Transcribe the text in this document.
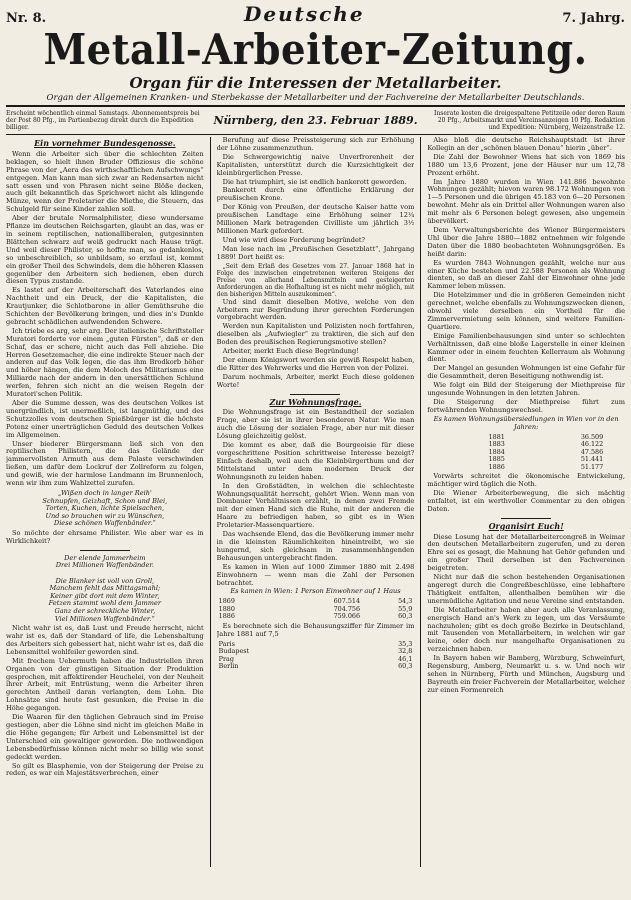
Nr. 8.	Deutsche	7. Jahrg.
Metall-Arbeiter-Zeitung.
Organ für die Interessen der Metallarbeiter.
Organ der Allgemeinen Kranken- und Sterbekasse der Metallarbeiter und der Fachvereine der Metallarbeiter Deutschlands.
Erscheint wöchentlich einmal Samstags. Abonnementspreis bei der Post 80 Pfg., im Partienbezug direkt durch die Expedition billiger.
Nürnberg, den 23. Februar 1889.
Inserate kosten die dreigespaltene Petitzeile oder deren Raum 20 Pfg., Arbeitsmarkt und Vereinsanzeigen 10 Pfg. Redaktion und Expedition: Nürnberg, Weizenstraße 12.
Ein vornehmer Bundesgenosse.

Wenn die Arbeiter sich über die schlechten Zeiten beklagen, so hielt ihnen Bruder Offiziosus die schöne Phrase von der „Aera des wirthschaftlichen Aufschwungs“ entgegen. Man kann man sich zwar an Redensarten nicht satt essen und von Phrasen nicht seine Blöße decken, auch gilt bekanntlich das Sprichwort nicht als klingende Münze, wenn der Proletarier die Miethe, die Steuern, das Schulgeld für seine Kinder zahlen soll.

Aber der brutale Normalphilister, diese wundersame Pflanze im deutschen Reichsgarten, glaubt an das, was er in seinem reptilischen, nationalliberalen, gutgesinnten Blättchen schwarz auf weiß gedruckt nach Hause trägt. Und weil dieser Philister, so hoffte man, so gedankenlos, so unbeschreiblich, so unbildsam, so erzfaul ist, kommt ein großer Theil des Schwindels, dem die höheren Klassen gegenüber den Arbeitern sich bedienen, eben durch diesen Typus zustande.

Es lastet auf der Arbeiterschaft des Vaterlandes eine Nachtheit und ein Druck, der die Kapitalisten, die Krautjunker, die Schlotbarone in aller Gemüthsruhe die Schichten der Bevölkerung bringen, und dies in's Dunkle gebracht schädlichen aufwendenden Schwere.

Ich triebe es arg, sehr arg. Der italienische Schriftsteller Muratori forderte vor einem „guten Fürsten“, daß er den Schaf, das er schere, nicht auch das Fell abziehe. Die Herren Gesetzemacher, die eine indirekte Steuer nach der anderen auf das Volk legen, die das ihm Brodkorb höher und höher hängen, die dem Moloch des Militarismus eine Milliarde nach der andern in den unersättlichen Schlund werfen, fehren sich nicht an die weisen Regeln der Muratori'schen Politik.

Aber die Summe dessen, was des deutschen Volkes ist unergründlich, ist unermeßlich, ist langmüthig, und des Schutzzolles vom deutschen Spießbürger ist die höchste Potenz einer unerträglichen Geduld des deutschen Volkes im Allgemeinen.

Unser biederer Bürgersmann ließ sich von den reptilischen Philistern, die das Gelände der jammervollsten Armuth aus dem Palaste verschwinden ließen, um dafür dem Lockruf der Zollreform zu folgen, und gewiß, wie der harmlose Landmann im Brunnenloch, wenn wir ihm zum Wahlzettel zurufen.

„Wißen doch in langer Reih'
Schnupfen, Geizhaft, Schon und Blei,
Torten, Kuchen, lichte Spielsachen,
Und so brauchen wir zu Wünschen,
Diese schönen Waffenbänder.“

So möchte der ehrsame Philister. Wie aber war es in Wirklichkeit?

Der elende Jammerheim
Drei Millionen Waffenbänder.

Die Blanker ist voll von Groll,
Manchem fehlt das Mittagsmahl;
Keiner gibt dort mit dem Winter,
Fetzen stammt wohl dem Jammer
Ganz der schreckliche Winter,
Viel Millionen Waffenbänder.“

Nicht wahr ist es, daß Lust und Freude herrscht, nicht wahr ist es, daß der Standard of life, die Lebenshaltung des Arbeiters sich gebessert hat, nicht wahr ist es, daß die Lebensmittel wohlfeiler geworden sind.

Mit frechem Uebermuth haben die Industriellen ihren Organen von der günstigen Situation der Produktion gesprochen, mit affektirender Heuchelei, von der Neuheit ihrer Arbeit, mit Entrüstung, wenn die Arbeiter ihren gerechten Antheil daran verlangten, dem Lohn. Die Lohnsätze sind heute fast gesunken, die Preise in die Höhe gegangen.

Die Waaren für den täglichen Gebrauch sind im Preise gestiegen, aber die Löhne sind nicht im gleichen Maße in die Höhe gegangen; für Arbeit und Lebensmittel ist der Unterschied ein gewaltiger geworden. Die nothwendigen Lebensbedürfnisse können nicht mehr so billig wie sonst gedeckt werden.

So gilt es Blasphemie, von der Steigerung der Preise zu reden, es war ein Majestätsverbrechen, einer

Berufung auf diese Preissteigerung sich zur Erhöhung der Löhne zusammenzuthun.

Die Schwergewichtig naive Unverfrorenheit der Kapitalisten, unterstützt durch die Kurzsichtigkeit der kleinbürgerlichen Presse.

Die hat triumphirt, sie ist endlich bankerott geworden.

Bankerott durch eine öffentliche Erklärung der preußischen Krone.

Der König von Preußen, der deutsche Kaiser hatte vom preußischen Landtage eine Erhöhung seiner 12¼ Millionen Mark betragenden Civilliste um jährlich 3½ Millionen Mark gefordert.

Und wie wird diese Forderung begründet?

Man lese nach im „Preußischen Gesetzblatt“, Jahrgang 1889! Dort heißt es:

„Seit dem Erlaß des Gesetzes vom 27. Januar 1868 hat in Folge des inzwischen eingetretenen weiteren Steigens der Preise von allerhand Lebensmitteln und gesteigerten Anforderungen an die Hofhaltung ist es nicht mehr möglich, mit den bisherigen Mitteln auszukommen“.

Und sind damit dieselben Motive, welche von den Arbeitern zur Begründung ihrer gerechten Forderungen vorgebracht werden.

Werden nun Kapitalisten und Polizisten noch fortfahren, dieselben als „Aufwiegler“ zu traktiren, die sich auf den Boden des preußischen Regierungsmotive stellen?

Arbeiter, merkt Euch diese Begründung!

Der einem Königswort werden sie gewiß Respekt haben, die Ritter des Wehrwerks und die Herren von der Polizei.

Darum nochmals, Arbeiter, merkt Euch diese goldenen Worte!

Zur Wohnungsfrage.

Die Wohnungsfrage ist ein Bestandtheil der sozialen Frage, aber sie ist in ihrer besonderen Natur. Wie man auch die Lösung der sozialen Frage, aber nur mit dieser Lösung gleichzeitig gelöst.

Die kommt es aber, daß die Bourgeoisie für diese vorgeschrittene Position schrittweise Interesse bezeigt? Einfach deshalb, weil auch die Kleinbürgerthum und der Mittelstand unter dem modernen Druck der Wohnungsnoth zu leiden haben.

In den Großstädten, in welchen die schlechteste Wohnungsqualität herrscht, gehört Wien. Wenn man von Dombauer Verhältnissen erzählt, in denen zwei Fremde mit der einen Hand sich die Ruhe, mit der anderen die Haare zu befriedigen haben, so gibt es in Wien Proletarier-Massenquartiere.

Das wachsende Elend, das die Bevölkerung immer mehr in die kleinsten Räumlichkeiten hineintreibt, wo sie hungernd, sich gleichsam in zusammenhängenden Behausungen untergebracht finden.

Es kamen in Wien auf 1000 Zimmer 1880 mit 2.498 Einwohnern — wenn man die Zahl der Personen betrachtet.

Es kamen in Wien: 1 Person Einwohner auf 1 Haus
1869	607.514	54,3
1880	704.756	55,9
1886	759.066	60,3

Es berechnete sich die Behausungsziffer für Zimmer im Jahre 1881 auf 7,5

Paris		35,3
Budapest		32,8
Prag		46,1
Berlin		60,3

Also bloß die deutsche Reichshauptstadt ist ihrer Kollegin an der „schönen blauen Donau“ hierin „über“.

Die Zahl der Bewohner Wiens hat sich von 1869 bis 1880 um 13,6 Prozent, jene der Häuser nur um 12,78 Prozent erhöht.

Im Jahre 1880 wurden in Wien 141.886 bewohnte Wohnungen gezählt; hievon waren 98.172 Wohnungen von 1—5 Personen und die übrigen 45.183 von 6—20 Personen bewohnt. Mehr als ein Drittel aller Wohnungen waren also mit mehr als 6 Personen belegt gewesen, also ungemein übervölkert.

Dem Verwaltungsberichte des Wiener Bürgermeisters Uhl über die Jahre 1880—1882 entnehmen wir folgende Daten über die 1880 beobachteten Wohnungsgrößen. Es heißt darin:

Es wurden 7843 Wohnungen gezählt, welche nur aus einer Küche bestehen und 22.588 Personen als Wohnung dienten, so daß an dieser Zahl der Einwohner ohne jede Kammer leben müssen.

Die Hotelzimmer und die in größeren Gemeinden nicht gerechnet, welche ebenfalls zu Wohnungszwecken dienen, obwohl viele derselben ein Vortheil für die Zimmervermietung sein können, sind weitere Familien-Quartiere.

Einige Familienbehausungen sind unter so schlechten Verhältnissen, daß eine bloße Lagerstelle in einer kleinen Kammer oder in einem feuchten Kellerraum als Wohnung dient.

Der Mangel an gesunden Wohnungen ist eine Gefahr für die Gesammtheit, deren Beseitigung nothwendig ist.

Wie folgt ein Bild der Steigerung der Miethpreise für ungesunde Wohnungen in den letzten Jahren.

Die Steigerung der Miethpreise führt zum fortwährenden Wohnungswechsel.

Es kamen Wohnungsübersiedlungen in Wien vor in den Jahren:
1881	36.509
1883	46.122
1884	47.586
1885	51.441
1886	51.177

Vorwärts schreitet die ökonomische Entwickelung, mächtiger wird täglich die Noth.

Die Wiener Arbeiterbewegung, die sich mächtig entfaltet, ist ein werthvoller Commentar zu den obigen Daten.

Organisirt Euch!

Diese Losung hat der Metallarbeitercongreß in Weimar den deutschen Metallarbeitern zugerufen, und zu deren Ehre sei es gesagt, die Mahnung hat Gehör gefunden und ein großer Theil derselben ist den Fachvereinen beigetreten.

Nicht nur daß die schon bestehenden Organisationen angeregt durch die Congreßbeschlüsse, eine lebhaftere Thätigkeit entfalten, allenthalben bemühen wir die unermüdliche Agitation und neue Vereine sind entstanden.

Die Metallarbeiter haben aber auch alle Veranlassung, energisch Hand an's Werk zu legen, um das Versäumte nachzuholen; gibt es doch große Bezirke in Deutschland, mit Tausenden von Metallarbeitern, in welchen wir gar keine, oder doch nur mangelhafte Organisationen zu verzeichnen haben.

In Bayern haben wir Bamberg, Würzburg, Schweinfurt, Regensburg, Amberg, Neumarkt u. s. w. Und noch wir sehen in Nürnberg, Fürth und München, Augsburg und Bayreuth ein freier Fachverein der Metallarbeiter, welcher zur einen Formenreich
